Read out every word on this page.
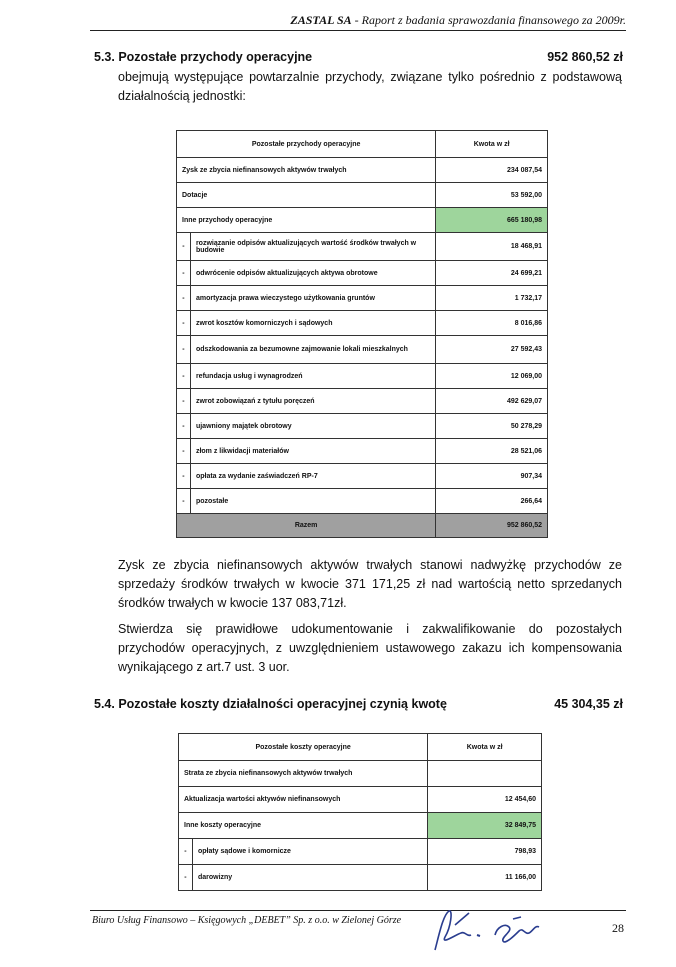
ZASTAL SA - Raport z badania sprawozdania finansowego za 2009r.
5.3. Pozostałe przychody operacyjne	952 860,52 zł
obejmują występujące powtarzalnie przychody, związane tylko pośrednio z podstawową działalnością jednostki:
Pozostałe przychody operacyjne		Kwota w zł
Zysk ze zbycia niefinansowych aktywów trwałych		234 087,54
Dotacje		53 592,00
Inne przychody operacyjne		665 180,98
-	rozwiązanie odpisów aktualizujących wartość środków trwałych w budowie	18 468,91
-	odwrócenie odpisów aktualizujących aktywa obrotowe	24 699,21
-	amortyzacja prawa wieczystego użytkowania gruntów	1 732,17
-	zwrot kosztów komorniczych i sądowych	8 016,86
-	odszkodowania za bezumowne zajmowanie lokali mieszkalnych	27 592,43
-	refundacja usług i wynagrodzeń	12 069,00
-	zwrot zobowiązań z tytułu poręczeń	492 629,07
-	ujawniony majątek obrotowy	50 278,29
-	złom z likwidacji materiałów	28 521,06
-	opłata za wydanie zaświadczeń RP-7	907,34
-	pozostałe	266,64
Razem		952 860,52
Zysk ze zbycia niefinansowych aktywów trwałych stanowi nadwyżkę przychodów ze sprzedaży środków trwałych w kwocie 371 171,25 zł nad wartością netto sprzedanych środków trwałych w kwocie 137 083,71zł.
Stwierdza się prawidłowe udokumentowanie i zakwalifikowanie do pozostałych przychodów operacyjnych, z uwzględnieniem ustawowego zakazu ich kompensowania wynikającego z art.7 ust. 3 uor.
5.4. Pozostałe koszty działalności operacyjnej czynią kwotę	45 304,35 zł
Pozostałe koszty operacyjne		Kwota w zł
Strata ze zbycia niefinansowych aktywów trwałych		
Aktualizacja wartości aktywów niefinansowych		12 454,60
Inne koszty operacyjne		32 849,75
-	opłaty sądowe i komornicze	798,93
-	darowizny	11 166,00
Biuro Usług Finansowo – Księgowych „DEBET” Sp. z o.o. w Zielonej Górze
28
